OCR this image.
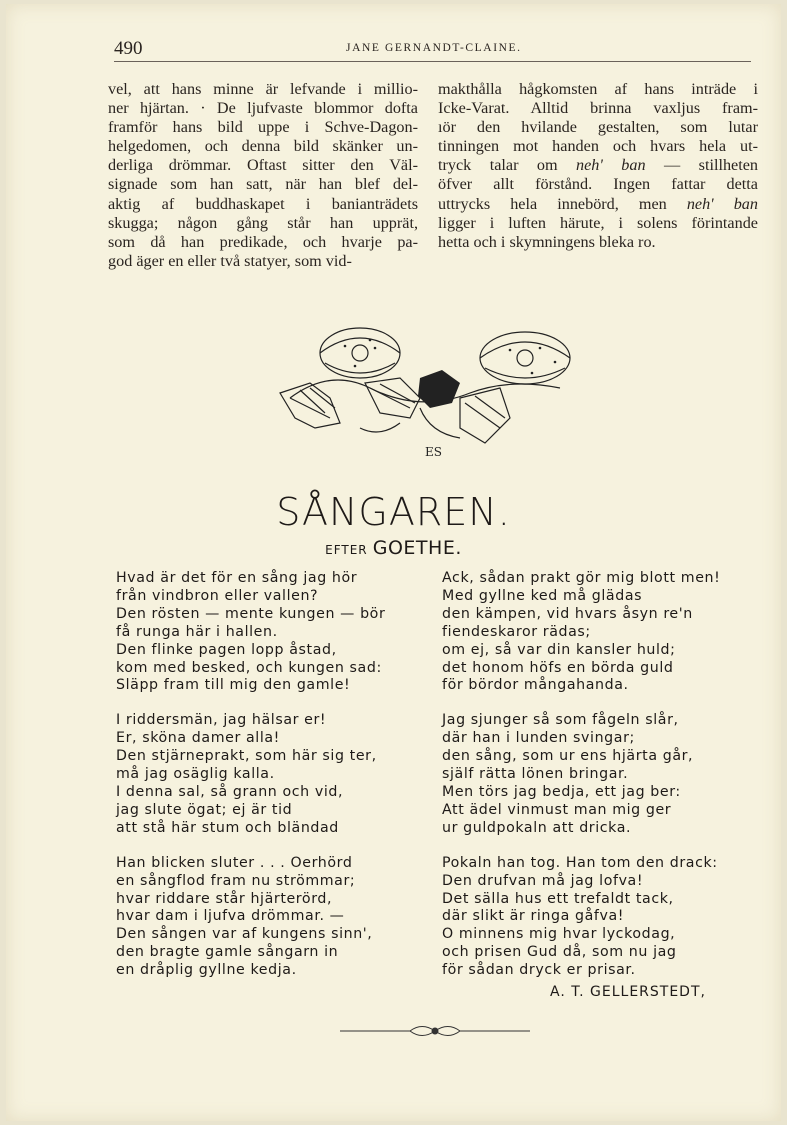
490	JANE GERNANDT-CLAINE.
vel, att hans minne är lefvande i millio-
ner hjärtan. · De ljufvaste blommor dofta
framför hans bild uppe i Schve-Dagon-
helgedomen, och denna bild skänker un-
derliga drömmar. Oftast sitter den Väl-
signade som han satt, när han blef del-
aktig af buddhaskapet i banianträdets
skugga; någon gång står han upprät,
som då han predikade, och hvarje pa-
god äger en eller två statyer, som vid-
makthålla hågkomsten af hans inträde i
Icke-Varat. Alltid brinna vaxljus fram-
ıör den hvilande gestalten, som lutar
tinningen mot handen och hvars hela ut-
tryck talar om neh' ban — stillheten
öfver allt förstånd. Ingen fattar detta
uttrycks hela innebörd, men neh' ban
ligger i luften härute, i solens förintande
hetta och i skymningens bleka ro.
ES
SÅNGAREN.
EFTER GOETHE.
Hvad är det för en sång jag hör
från vindbron eller vallen?
Den rösten — mente kungen — bör
få runga här i hallen.
Den flinke pagen lopp åstad,
kom med besked, och kungen sad:
Släpp fram till mig den gamle!
I riddersmän, jag hälsar er!
Er, sköna damer alla!
Den stjärneprakt, som här sig ter,
må jag osäglig kalla.
I denna sal, så grann och vid,
jag slute ögat; ej är tid
att stå här stum och bländad
Han blicken sluter . . . Oerhörd
en sångflod fram nu strömmar;
hvar riddare står hjärterörd,
hvar dam i ljufva drömmar. —
Den sången var af kungens sinn',
den bragte gamle sångarn in
en dråplig gyllne kedja.
Ack, sådan prakt gör mig blott men!
Med gyllne ked må glädas
den kämpen, vid hvars åsyn re'n
fiendeskaror rädas;
om ej, så var din kansler huld;
det honom höfs en börda guld
för bördor mångahanda.
Jag sjunger så som fågeln slår,
där han i lunden svingar;
den sång, som ur ens hjärta går,
själf rätta lönen bringar.
Men törs jag bedja, ett jag ber:
Att ädel vinmust man mig ger
ur guldpokaln att dricka.
Pokaln han tog. Han tom den drack:
Den drufvan må jag lofva!
Det sälla hus ett trefaldt tack,
där slikt är ringa gåfva!
O minnens mig hvar lyckodag,
och prisen Gud då, som nu jag
för sådan dryck er prisar.
A. T. GELLERSTEDT,
